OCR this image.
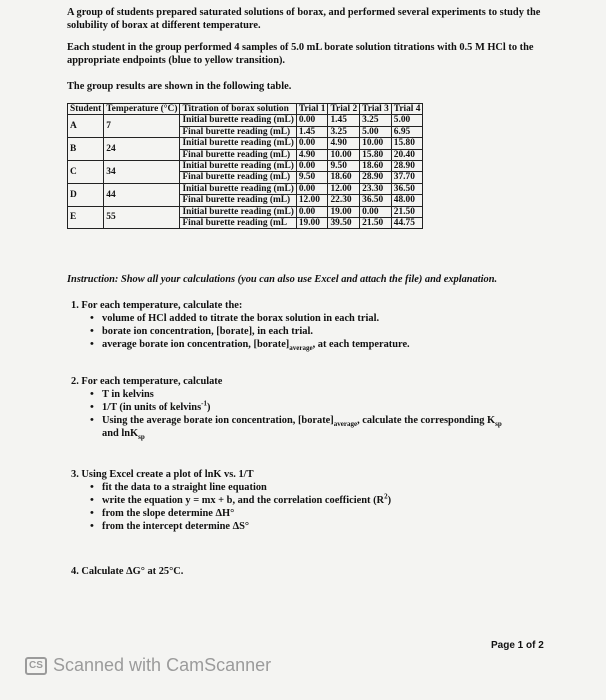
A group of students prepared saturated solutions of borax, and performed several experiments to study the solubility of borax at different temperature.
Each student in the group performed 4 samples of 5.0 mL borate solution titrations with 0.5 M HCl to the appropriate endpoints (blue to yellow transition).
The group results are shown in the following table.
Student	Temperature (°C)	Titration of borax solution	Trial 1	Trial 2	Trial 3	Trial 4
A	7	Initial burette reading (mL)	0.00	1.45	3.25	5.00
		Final burette reading (mL)	1.45	3.25	5.00	6.95
B	24	Initial burette reading (mL)	0.00	4.90	10.00	15.80
		Final burette reading (mL)	4.90	10.00	15.80	20.40
C	34	Initial burette reading (mL)	0.00	9.50	18.60	28.90
		Final burette reading (mL)	9.50	18.60	28.90	37.70
D	44	Initial burette reading (mL)	0.00	12.00	23.30	36.50
		Final burette reading (mL)	12.00	22.30	36.50	48.00
E	55	Initial burette reading (mL)	0.00	19.00	0.00	21.50
		Final burette reading (mL	19.00	39.50	21.50	44.75
Instruction: Show all your calculations (you can also use Excel and attach the file) and explanation.
1. For each temperature, calculate the:
• volume of HCl added to titrate the borax solution in each trial.
• borate ion concentration, [borate], in each trial.
• average borate ion concentration, $[borate]_{average}$, at each temperature.
2. For each temperature, calculate
• T in kelvins
• 1/T (in units of kelvins$^{-1}$)
• Using the average borate ion concentration, $[borate]_{average}$, calculate the corresponding $K_{sp}$
and lnK$_{sp}$
3. Using Excel create a plot of lnK vs. 1/T
• fit the data to a straight line equation
• write the equation y = mx + b, and the correlation coefficient $(R^2)$
• from the slope determine ΔH°
• from the intercept determine ΔS°
4. Calculate ΔG° at 25°C.
Page 1 of 2
CS Scanned with CamScanner
